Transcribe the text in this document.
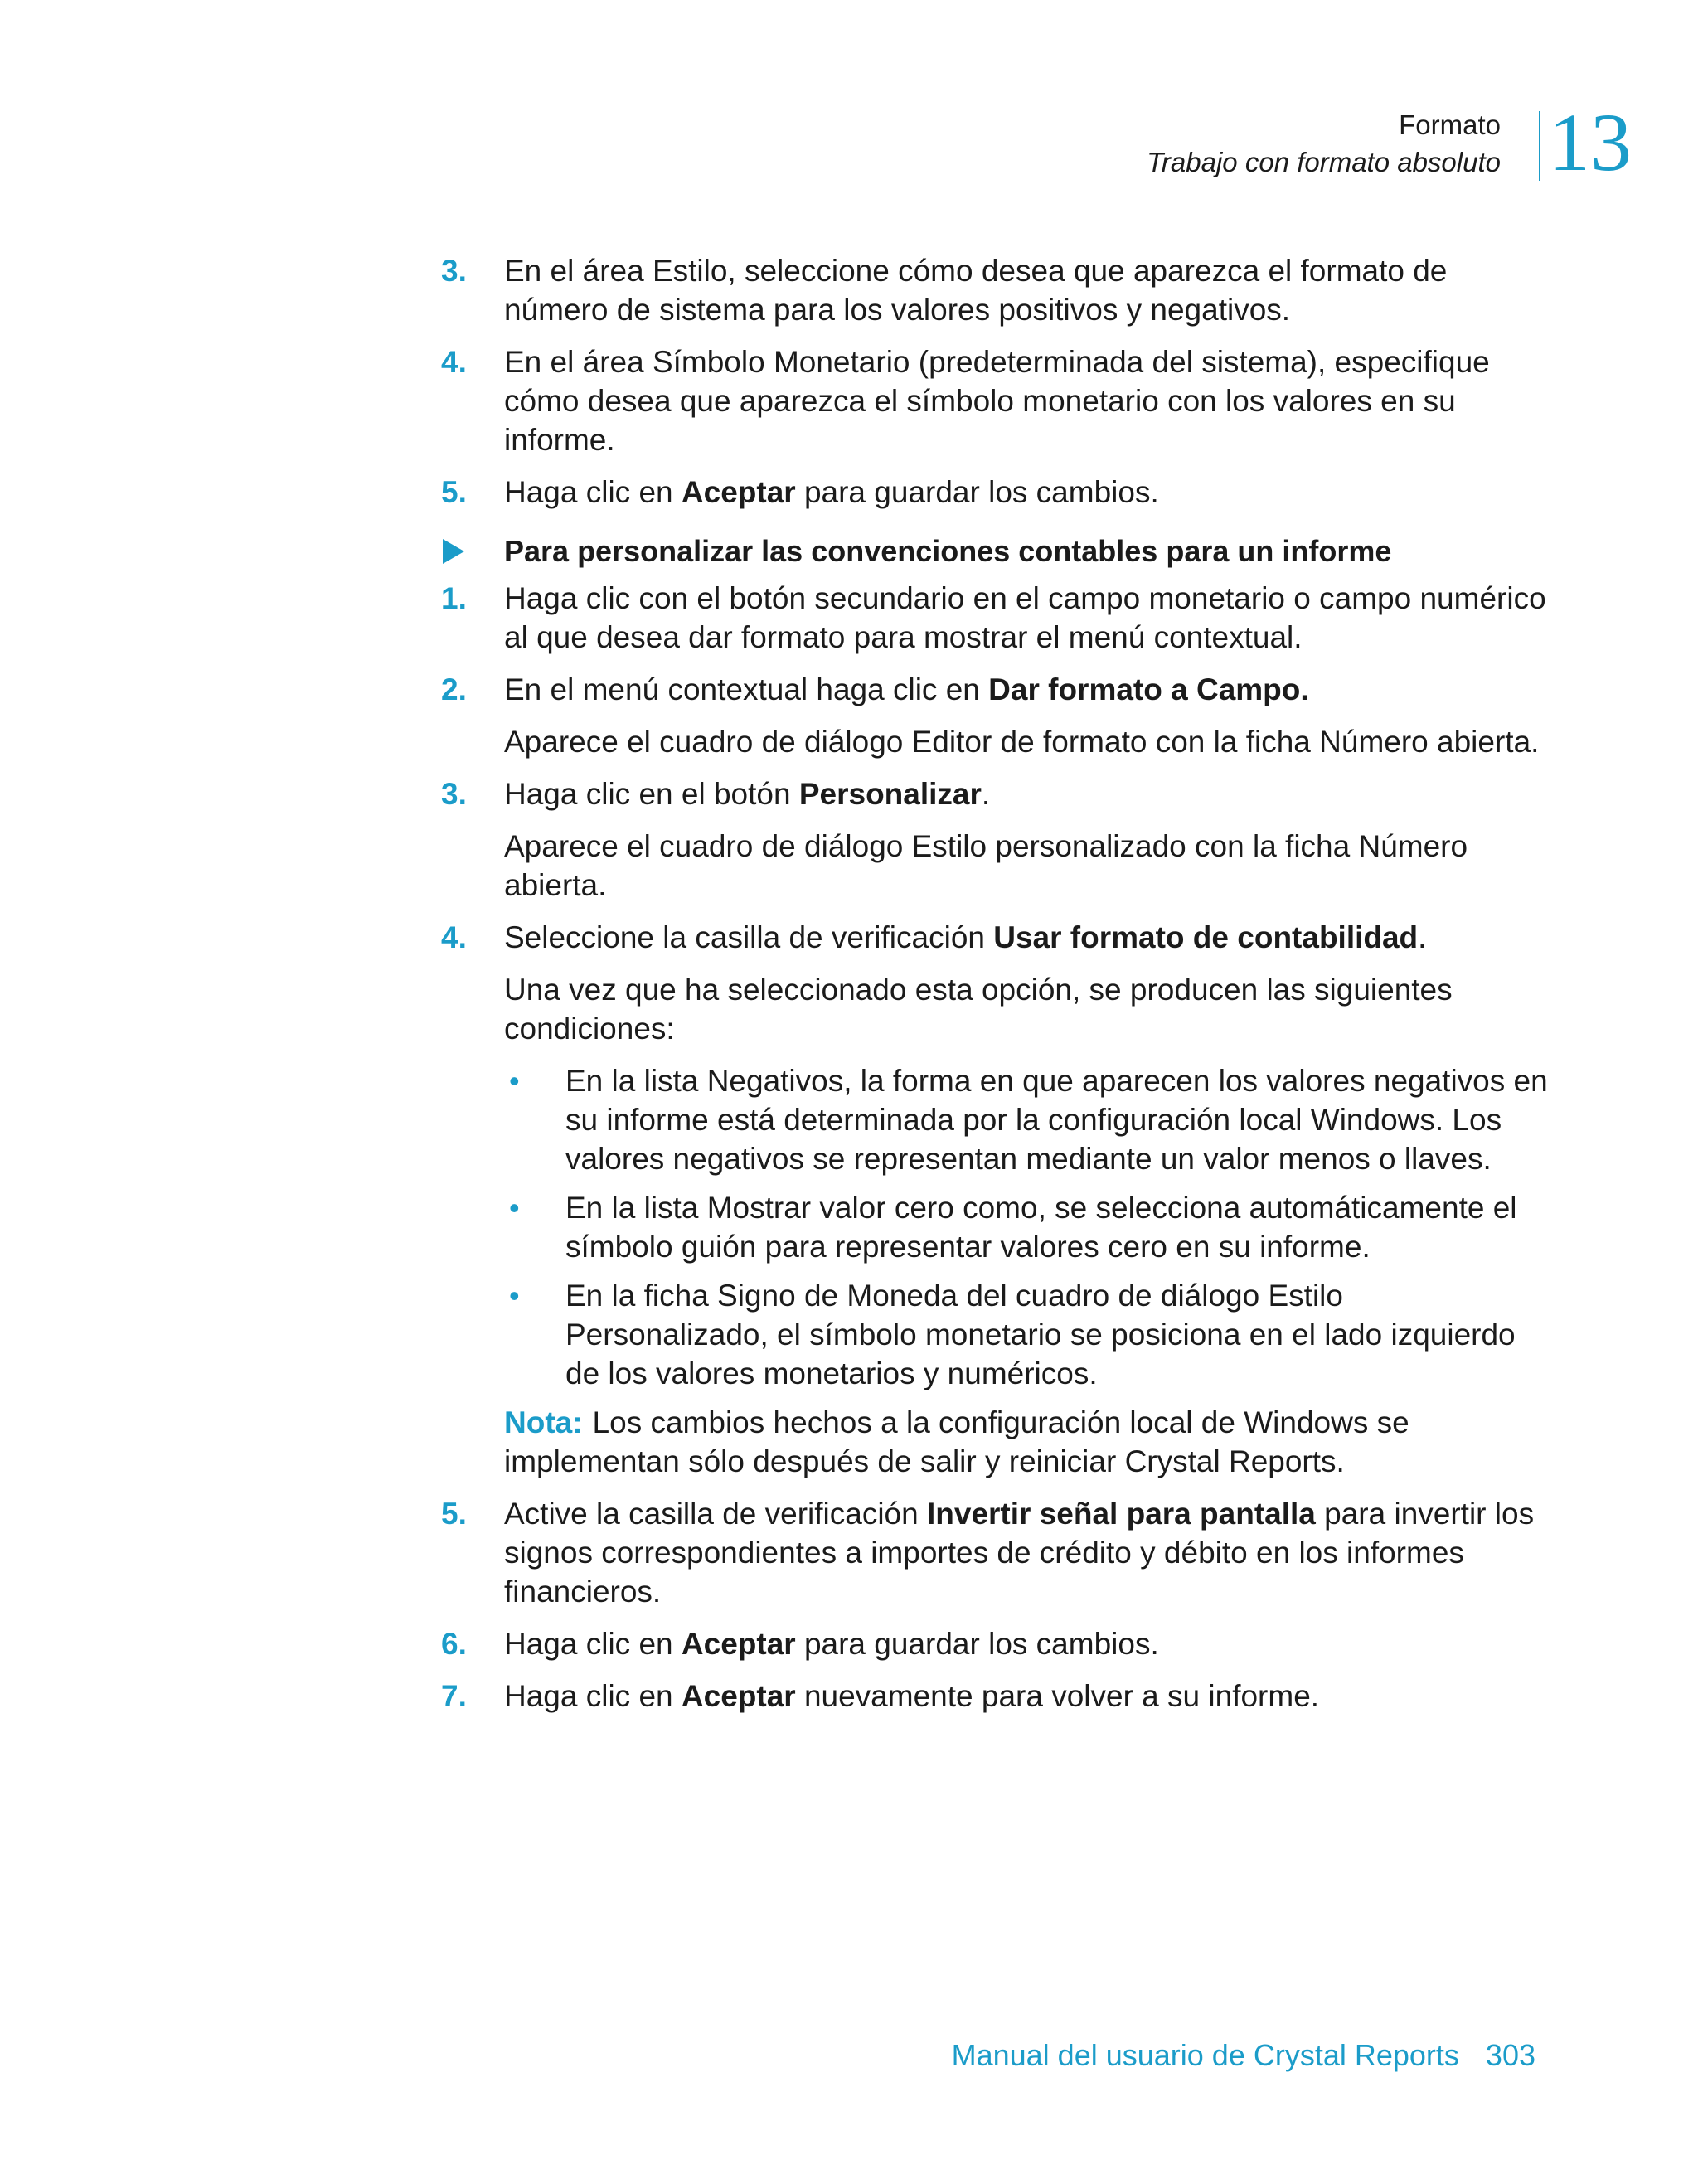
Formato
Trabajo con formato absoluto 13
3. En el área Estilo, seleccione cómo desea que aparezca el formato de número de sistema para los valores positivos y negativos.
4. En el área Símbolo Monetario (predeterminada del sistema), especifique cómo desea que aparezca el símbolo monetario con los valores en su informe.
5. Haga clic en Aceptar para guardar los cambios.
Para personalizar las convenciones contables para un informe
1. Haga clic con el botón secundario en el campo monetario o campo numérico al que desea dar formato para mostrar el menú contextual.
2. En el menú contextual haga clic en Dar formato a Campo.
Aparece el cuadro de diálogo Editor de formato con la ficha Número abierta.
3. Haga clic en el botón Personalizar.
Aparece el cuadro de diálogo Estilo personalizado con la ficha Número abierta.
4. Seleccione la casilla de verificación Usar formato de contabilidad.
Una vez que ha seleccionado esta opción, se producen las siguientes condiciones:
• En la lista Negativos, la forma en que aparecen los valores negativos en su informe está determinada por la configuración local Windows. Los valores negativos se representan mediante un valor menos o llaves.
• En la lista Mostrar valor cero como, se selecciona automáticamente el símbolo guión para representar valores cero en su informe.
• En la ficha Signo de Moneda del cuadro de diálogo Estilo Personalizado, el símbolo monetario se posiciona en el lado izquierdo de los valores monetarios y numéricos.
Nota: Los cambios hechos a la configuración local de Windows se implementan sólo después de salir y reiniciar Crystal Reports.
5. Active la casilla de verificación Invertir señal para pantalla para invertir los signos correspondientes a importes de crédito y débito en los informes financieros.
6. Haga clic en Aceptar para guardar los cambios.
7. Haga clic en Aceptar nuevamente para volver a su informe.
Manual del usuario de Crystal Reports 303
